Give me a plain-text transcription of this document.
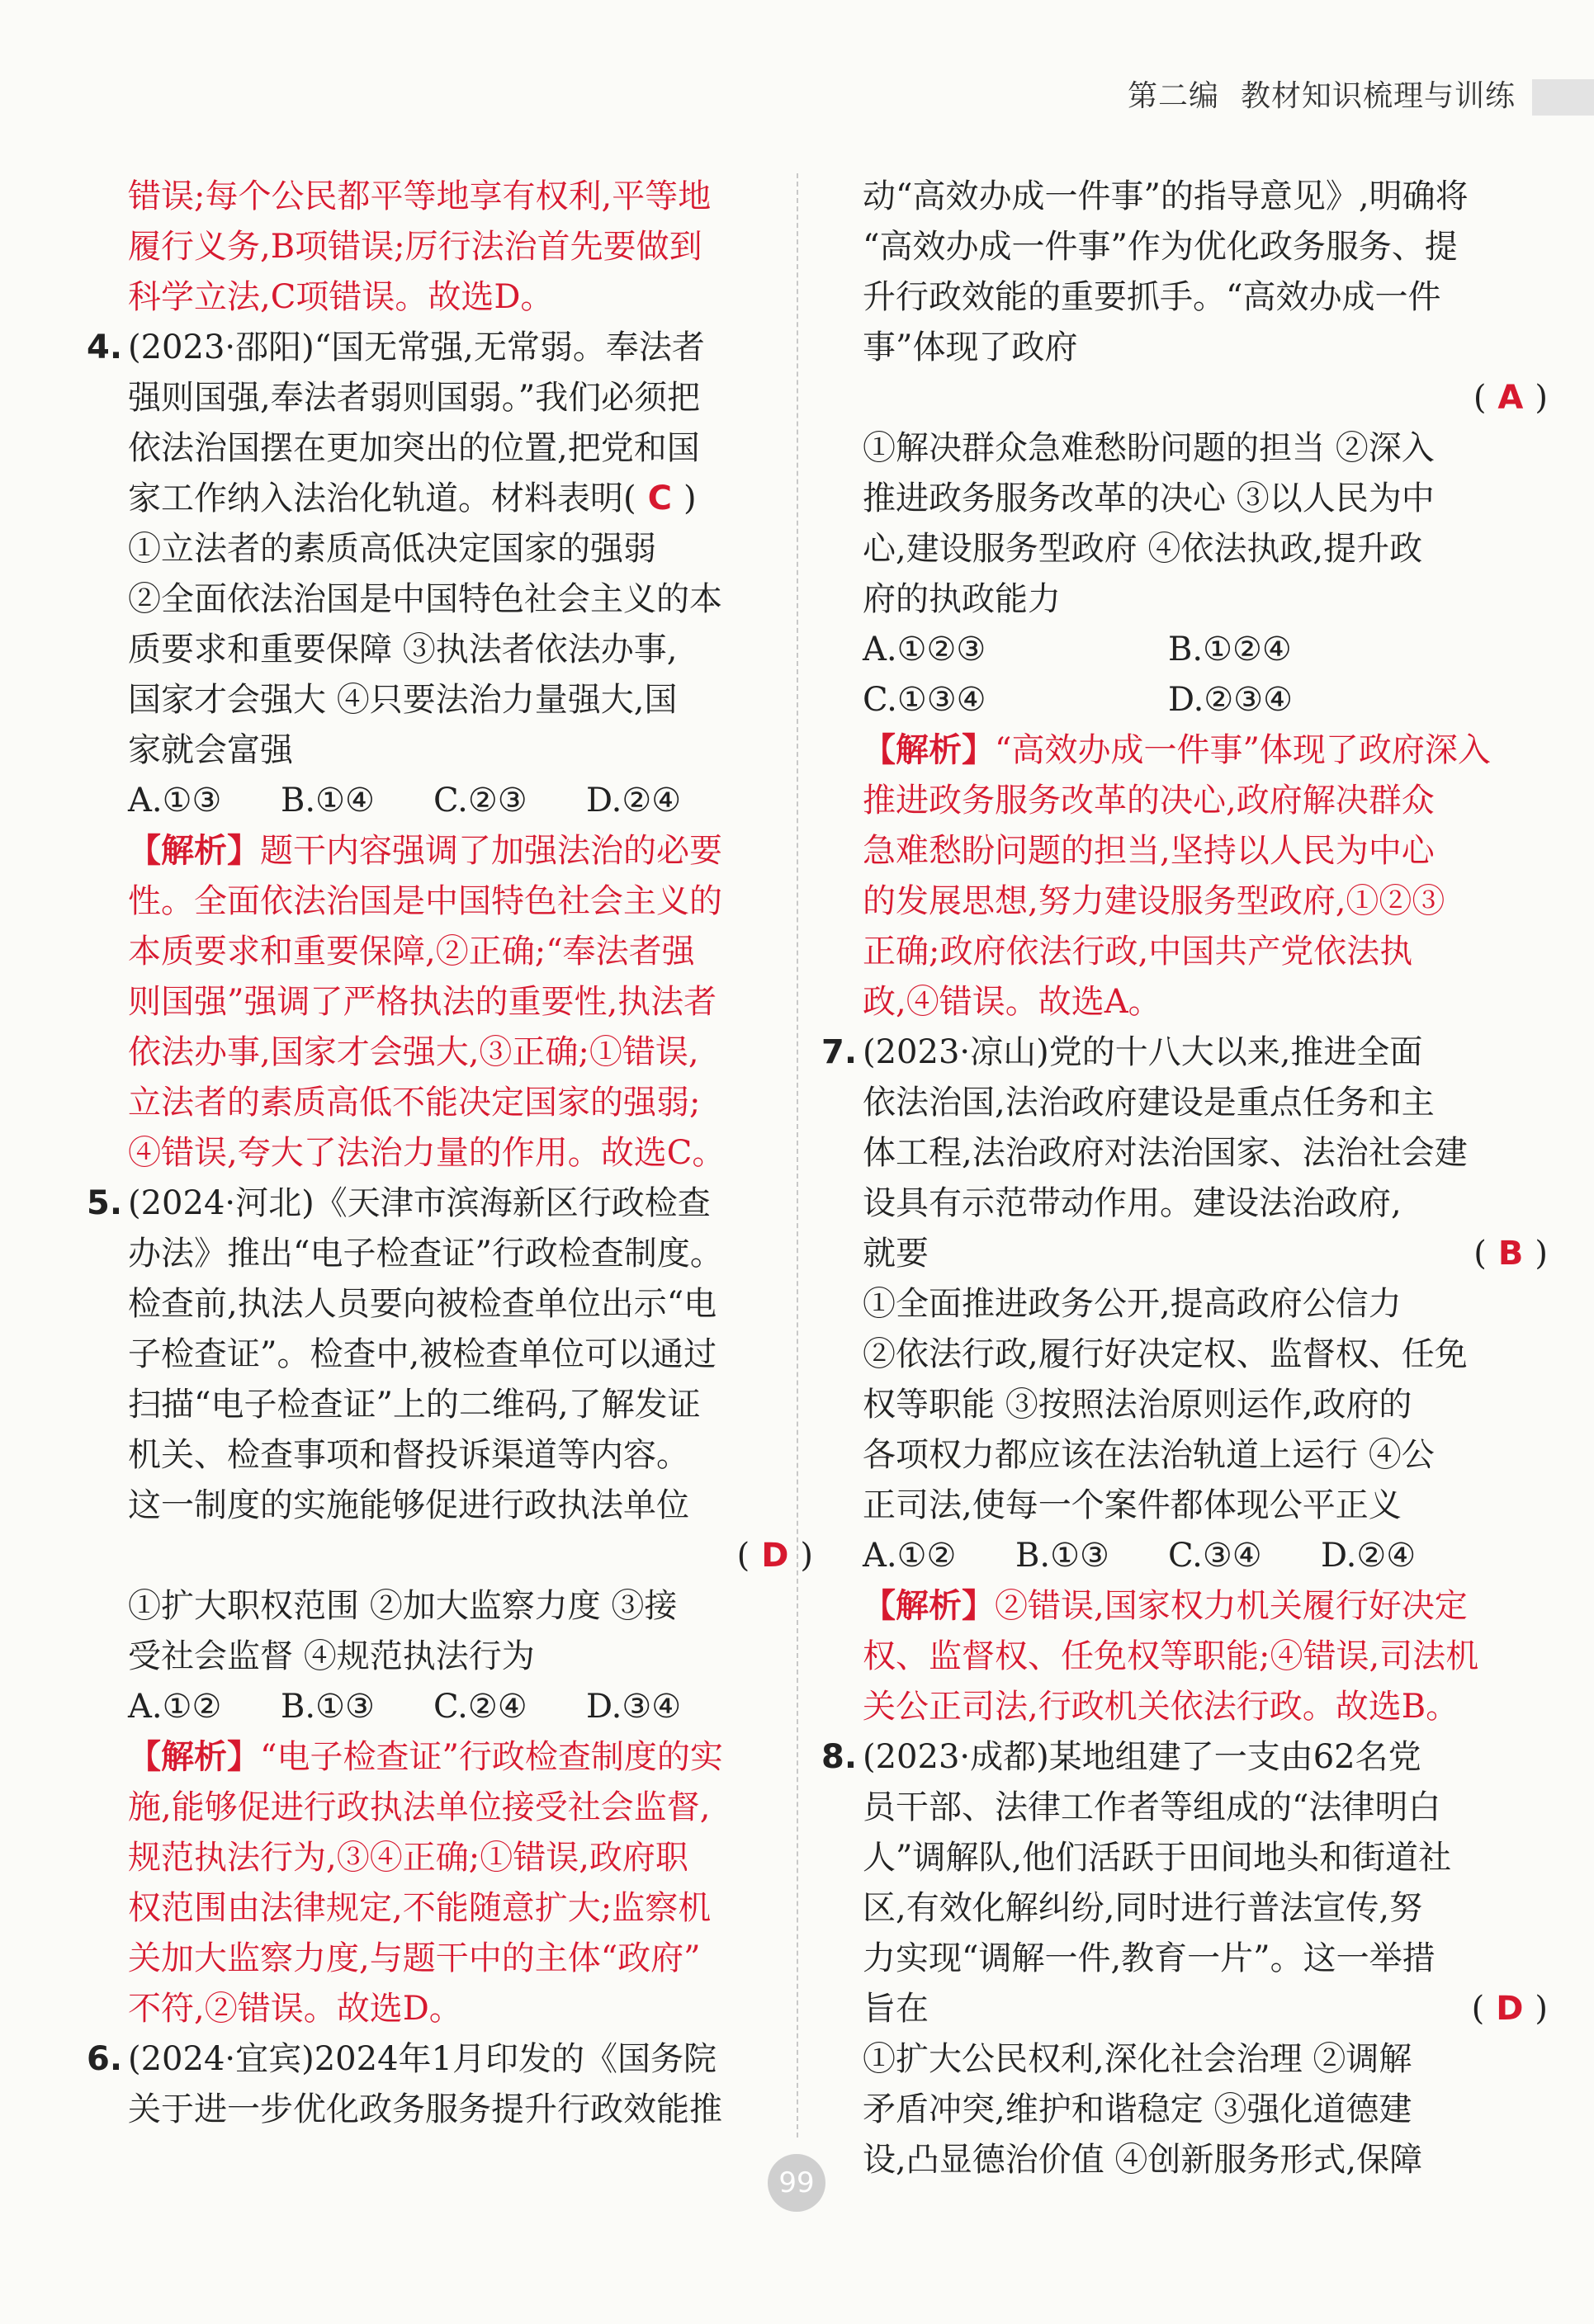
第二编 教材知识梳理与训练
错误;每个公民都平等地享有权利,平等地
履行义务,B项错误;厉行法治首先要做到
科学立法,C项错误。故选D。
4. (2023·邵阳)“国无常强,无常弱。奉法者
强则国强,奉法者弱则国弱。”我们必须把
依法治国摆在更加突出的位置,把党和国
家工作纳入法治化轨道。材料表明( C )
①立法者的素质高低决定国家的强弱
②全面依法治国是中国特色社会主义的本
质要求和重要保障 ③执法者依法办事,
国家才会强大 ④只要法治力量强大,国
家就会富强
A.①③	B.①④	C.②③	D.②④
【解析】题干内容强调了加强法治的必要
性。全面依法治国是中国特色社会主义的
本质要求和重要保障,②正确;“奉法者强
则国强”强调了严格执法的重要性,执法者
依法办事,国家才会强大,③正确;①错误,
立法者的素质高低不能决定国家的强弱;
④错误,夸大了法治力量的作用。故选C。
5. (2024·河北)《天津市滨海新区行政检查
办法》推出“电子检查证”行政检查制度。
检查前,执法人员要向被检查单位出示“电
子检查证”。检查中,被检查单位可以通过
扫描“电子检查证”上的二维码,了解发证
机关、检查事项和督投诉渠道等内容。
这一制度的实施能够促进行政执法单位
( D )
①扩大职权范围 ②加大监察力度 ③接
受社会监督 ④规范执法行为
A.①②	B.①③	C.②④	D.③④
【解析】“电子检查证”行政检查制度的实
施,能够促进行政执法单位接受社会监督,
规范执法行为,③④正确;①错误,政府职
权范围由法律规定,不能随意扩大;监察机
关加大监察力度,与题干中的主体“政府”
不符,②错误。故选D。
6. (2024·宜宾)2024年1月印发的《国务院
关于进一步优化政务服务提升行政效能推
动“高效办成一件事”的指导意见》,明确将
“高效办成一件事”作为优化政务服务、提
升行政效能的重要抓手。“高效办成一件
事”体现了政府
( A )
①解决群众急难愁盼问题的担当 ②深入
推进政务服务改革的决心 ③以人民为中
心,建设服务型政府 ④依法执政,提升政
府的执政能力
A.①②③	B.①②④
C.①③④	D.②③④
【解析】“高效办成一件事”体现了政府深入
推进政务服务改革的决心,政府解决群众
急难愁盼问题的担当,坚持以人民为中心
的发展思想,努力建设服务型政府,①②③
正确;政府依法行政,中国共产党依法执
政,④错误。故选A。
7. (2023·凉山)党的十八大以来,推进全面
依法治国,法治政府建设是重点任务和主
体工程,法治政府对法治国家、法治社会建
设具有示范带动作用。建设法治政府,
就要	( B )
①全面推进政务公开,提高政府公信力
②依法行政,履行好决定权、监督权、任免
权等职能 ③按照法治原则运作,政府的
各项权力都应该在法治轨道上运行 ④公
正司法,使每一个案件都体现公平正义
A.①②	B.①③	C.③④	D.②④
【解析】②错误,国家权力机关履行好决定
权、监督权、任免权等职能;④错误,司法机
关公正司法,行政机关依法行政。故选B。
8. (2023·成都)某地组建了一支由62名党
员干部、法律工作者等组成的“法律明白
人”调解队,他们活跃于田间地头和街道社
区,有效化解纠纷,同时进行普法宣传,努
力实现“调解一件,教育一片”。这一举措
旨在	( D )
①扩大公民权利,深化社会治理 ②调解
矛盾冲突,维护和谐稳定 ③强化道德建
设,凸显德治价值 ④创新服务形式,保障
99
